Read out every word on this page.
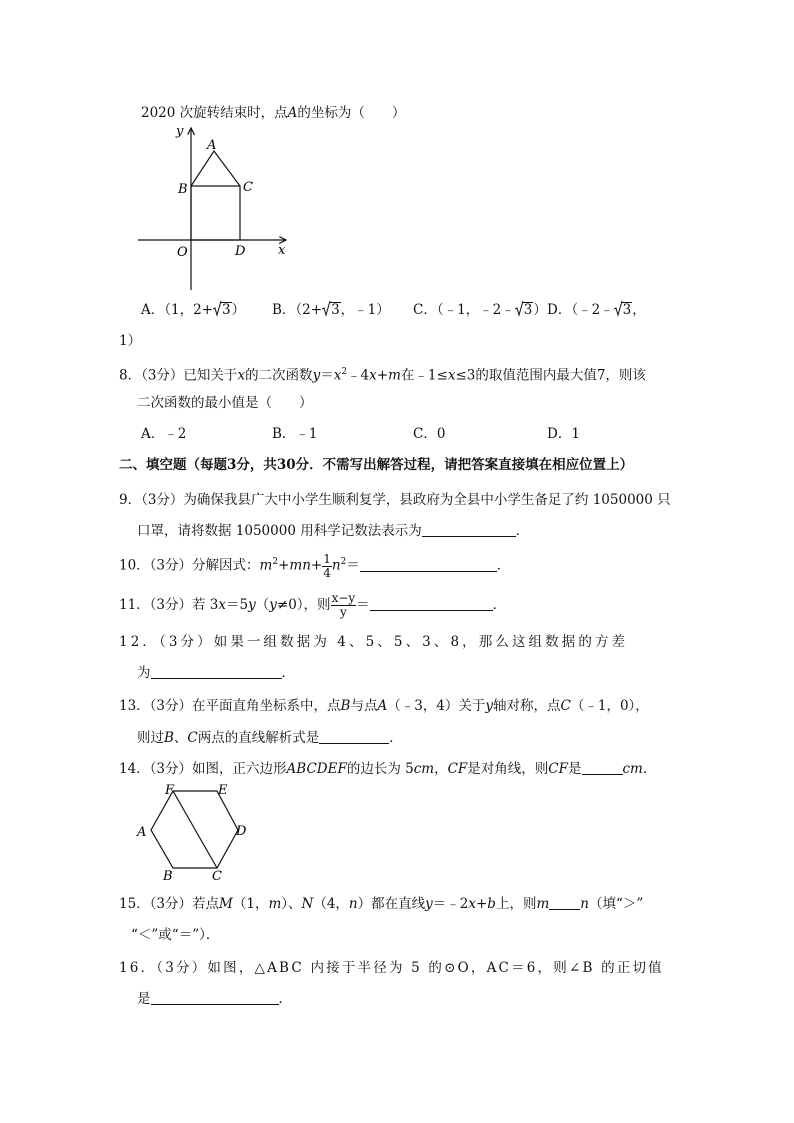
2020 次旋转结束时，点A的坐标为（　　）
y
A
B	C
O	D	x
A．（1，2+ 3） B．（2+ 3，﹣1） C．（﹣1，﹣2﹣ 3） D．（﹣2﹣ 3，
1）
8．（3分）已知关于x的二次函数$y=x^2﹣4x+m$在﹣1≤x≤3的取值范围内最大值7，则该
二次函数的最小值是（　　）
A．﹣2	B．﹣1	C．0	D．1
二、填空题（每题3分，共30分．不需写出解答过程，请把答案直接填在相应位置上）
9．（3分）为确保我县广大中小学生顺利复学，县政府为全县中小学生备足了约 1050000 只
口罩，请将数据 1050000 用科学记数法表示为	．
10．（3分）分解因式：$m^2+mn+ \frac{1}{4} n^2=$	．
11．（3分）若 3x＝5y（y≠0），则 $\frac{x-y}{y}$ ＝	．
12．（3分）如果一组数据为 4、5、5、3、8，那么这组数据的方差
为	．
13．（3分）在平面直角坐标系中，点B与点A（﹣3，4）关于y轴对称，点C（﹣1，0），
则过B、C两点的直线解析式是	．
14．（3分）如图，正六边形ABCDEF的边长为 5cm，CF是对角线，则CF是	cm．
F	E
A	D
B	C
15．（3分）若点M（1，m）、N（4，n）都在直线y＝﹣2x+b上，则m n（填“＞”
“＜”或“＝”）．
16．（3分）如图，△ABC 内接于半径为 5 的⊙O，AC＝6，则∠B 的正切值
是	．
